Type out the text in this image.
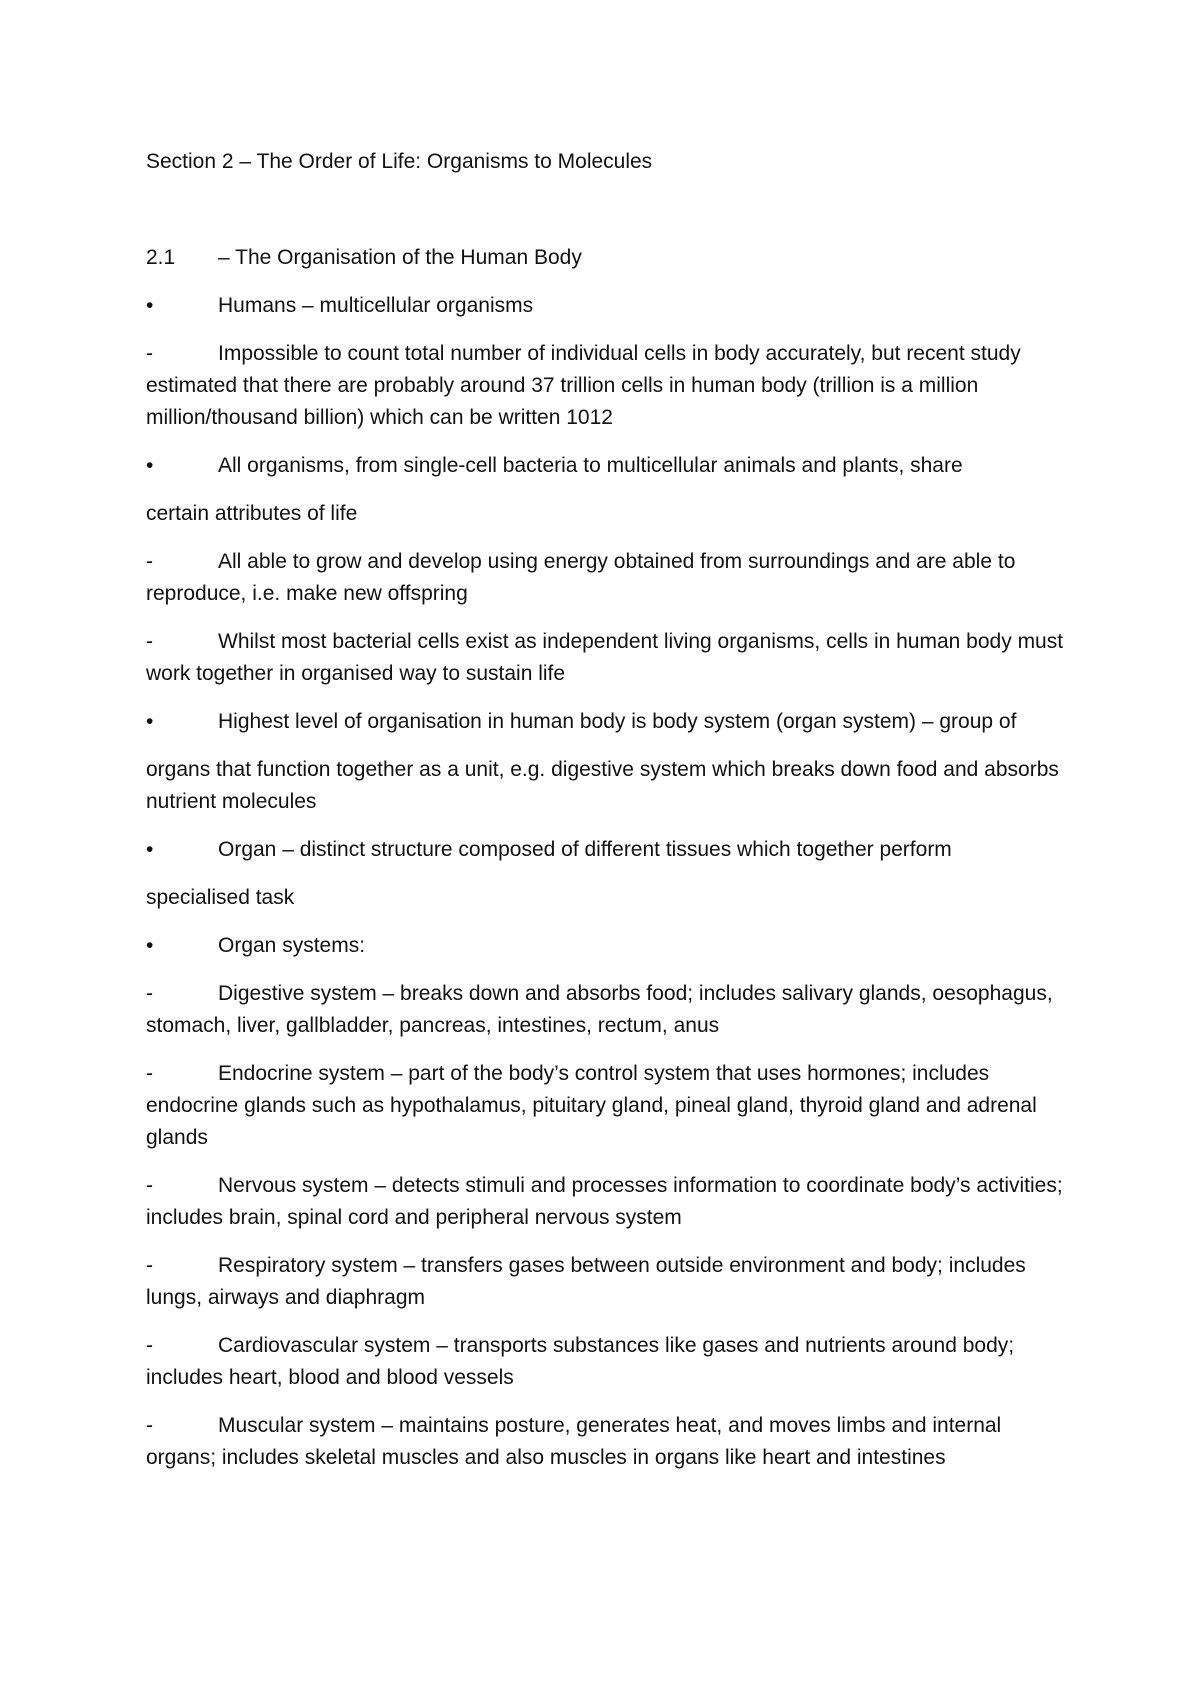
Section 2 – The Order of Life: Organisms to Molecules
2.1	– The Organisation of the Human Body
•	Humans – multicellular organisms
-	Impossible to count total number of individual cells in body accurately, but recent study estimated that there are probably around 37 trillion cells in human body (trillion is a million million/thousand billion) which can be written 1012
•	All organisms, from single-cell bacteria to multicellular animals and plants, share
certain attributes of life
-	All able to grow and develop using energy obtained from surroundings and are able to reproduce, i.e. make new offspring
-	Whilst most bacterial cells exist as independent living organisms, cells in human body must work together in organised way to sustain life
•	Highest level of organisation in human body is body system (organ system) – group of
organs that function together as a unit, e.g. digestive system which breaks down food and absorbs nutrient molecules
•	Organ – distinct structure composed of different tissues which together perform
specialised task
•	Organ systems:
-	Digestive system – breaks down and absorbs food; includes salivary glands, oesophagus, stomach, liver, gallbladder, pancreas, intestines, rectum, anus
-	Endocrine system – part of the body’s control system that uses hormones; includes endocrine glands such as hypothalamus, pituitary gland, pineal gland, thyroid gland and adrenal glands
-	Nervous system – detects stimuli and processes information to coordinate body’s activities; includes brain, spinal cord and peripheral nervous system
-	Respiratory system – transfers gases between outside environment and body; includes lungs, airways and diaphragm
-	Cardiovascular system – transports substances like gases and nutrients around body; includes heart, blood and blood vessels
-	Muscular system – maintains posture, generates heat, and moves limbs and internal organs; includes skeletal muscles and also muscles in organs like heart and intestines
